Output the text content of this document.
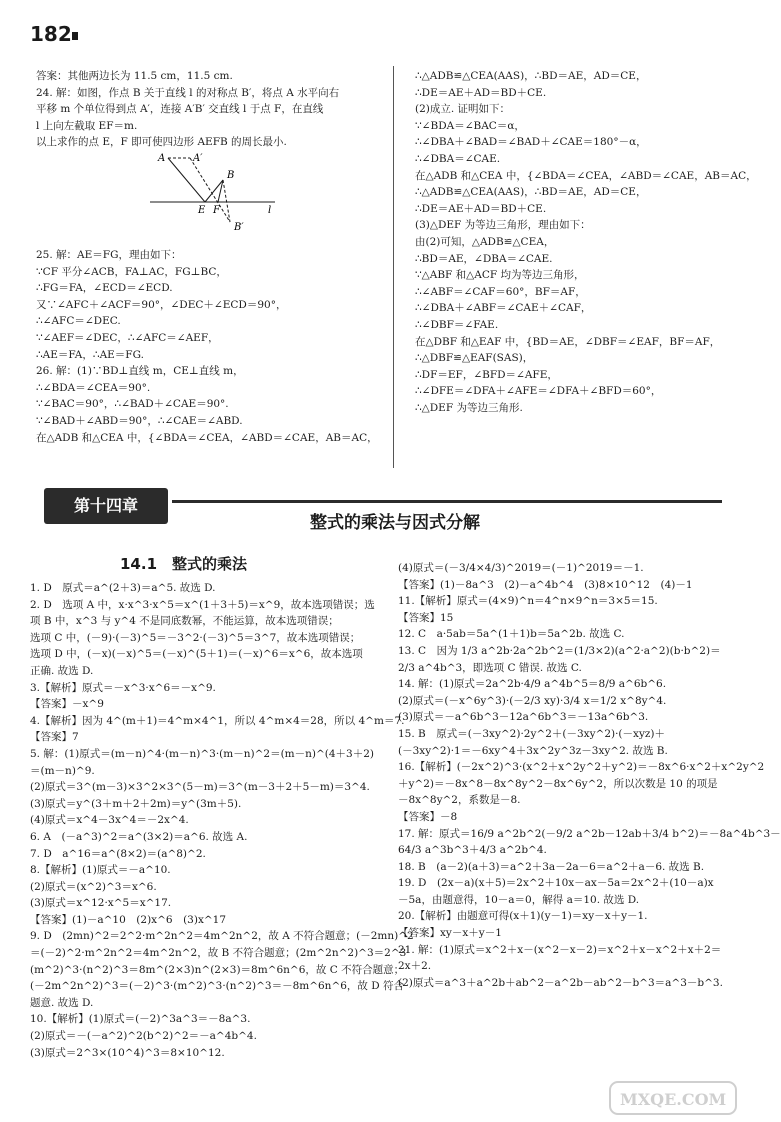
182
答案：其他两边长为 11.5 cm，11.5 cm.
24. 解：如图，作点 B 关于直线 l 的对称点 B′，将点 A 水平向右
平移 m 个单位得到点 A′，连接 A′B′ 交直线 l 于点 F，在直线
l 上向左截取 EF＝m.
以上求作的点 E，F 即可使四边形 AEFB 的周长最小.
25. 解：AE＝FG，理由如下：
∵CF 平分∠ACB，FA⊥AC，FG⊥BC，
∴FG＝FA，∠ECD＝∠ECD.
又∵∠AFC＋∠ACF＝90°，∠DEC＋∠ECD＝90°，
∴∠AFC＝∠DEC.
∵∠AEF＝∠DEC，∴∠AFC＝∠AEF，
∴AE＝FA，∴AE＝FG.
26. 解：(1)∵BD⊥直线 m，CE⊥直线 m，
∴∠BDA＝∠CEA＝90°.
∵∠BAC＝90°，∴∠BAD＋∠CAE＝90°.
∵∠BAD＋∠ABD＝90°，∴∠CAE＝∠ABD.
在△ADB 和△CEA 中，{∠BDA＝∠CEA，∠ABD＝∠CAE，AB＝AC，
A	A′
B
B′
E F	l
∴△ADB≌△CEA(AAS)，∴BD＝AE，AD＝CE，
∴DE＝AE＋AD＝BD＋CE.
(2)成立. 证明如下：
∵∠BDA＝∠BAC＝α，
∴∠DBA＋∠BAD＝∠BAD＋∠CAE＝180°－α，
∴∠DBA＝∠CAE.
在△ADB 和△CEA 中，{∠BDA＝∠CEA，∠ABD＝∠CAE，AB＝AC，
∴△ADB≌△CEA(AAS)，∴BD＝AE，AD＝CE，
∴DE＝AE＋AD＝BD＋CE.
(3)△DEF 为等边三角形，理由如下：
由(2)可知，△ADB≌△CEA，
∴BD＝AE，∠DBA＝∠CAE.
∵△ABF 和△ACF 均为等边三角形，
∴∠ABF＝∠CAF＝60°，BF＝AF，
∴∠DBA＋∠ABF＝∠CAE＋∠CAF，
∴∠DBF＝∠FAE.
在△DBF 和△EAF 中，{BD＝AE，∠DBF＝∠EAF，BF＝AF，
∴△DBF≌△EAF(SAS)，
∴DF＝EF，∠BFD＝∠AFE，
∴∠DFE＝∠DFA＋∠AFE＝∠DFA＋∠BFD＝60°，
∴△DEF 为等边三角形.
第十四章
整式的乘法与因式分解
14.1　整式的乘法
1. D　原式＝a^(2＋3)＝a^5. 故选 D.
2. D　选项 A 中，x·x^3·x^5＝x^(1＋3＋5)＝x^9，故本选项错误；选
项 B 中，x^3 与 y^4 不是同底数幂，不能运算，故本选项错误；
选项 C 中，(－9)·(－3)^5＝－3^2·(－3)^5＝3^7，故本选项错误；
选项 D 中，(－x)(－x)^5＝(－x)^(5＋1)＝(－x)^6＝x^6，故本选项
正确. 故选 D.
3.【解析】原式＝－x^3·x^6＝－x^9.
【答案】－x^9
4.【解析】因为 4^(m＋1)＝4^m×4^1，所以 4^m×4＝28，所以 4^m＝7.
【答案】7
5. 解：(1)原式＝(m－n)^4·(m－n)^3·(m－n)^2＝(m－n)^(4＋3＋2)
＝(m－n)^9.
(2)原式＝3^(m－3)×3^2×3^(5－m)＝3^(m－3＋2＋5－m)＝3^4.
(3)原式＝y^(3＋m＋2＋2m)＝y^(3m＋5).
(4)原式＝x^4－3x^4＝－2x^4.
6. A　(－a^3)^2＝a^(3×2)＝a^6. 故选 A.
7. D　a^16＝a^(8×2)＝(a^8)^2.
8.【解析】(1)原式＝－a^10.
(2)原式＝(x^2)^3＝x^6.
(3)原式＝x^12·x^5＝x^17.
【答案】(1)－a^10　(2)x^6　(3)x^17
9. D　(2mn)^2＝2^2·m^2n^2＝4m^2n^2，故 A 不符合题意；(－2mn)^2
＝(－2)^2·m^2n^2＝4m^2n^2，故 B 不符合题意；(2m^2n^2)^3＝2^3·
(m^2)^3·(n^2)^3＝8m^(2×3)n^(2×3)＝8m^6n^6，故 C 不符合题意；
(－2m^2n^2)^3＝(－2)^3·(m^2)^3·(n^2)^3＝－8m^6n^6，故 D 符合
题意. 故选 D.
10.【解析】(1)原式＝(－2)^3a^3＝－8a^3.
(2)原式＝－(－a^2)^2(b^2)^2＝－a^4b^4.
(3)原式＝2^3×(10^4)^3＝8×10^12.
(4)原式＝(－3/4×4/3)^2019＝(－1)^2019＝－1.
【答案】(1)－8a^3　(2)－a^4b^4　(3)8×10^12　(4)－1
11.【解析】原式＝(4×9)^n＝4^n×9^n＝3×5＝15.
【答案】15
12. C　a·5ab＝5a^(1＋1)b＝5a^2b. 故选 C.
13. C　因为 1/3 a^2b·2a^2b^2＝(1/3×2)(a^2·a^2)(b·b^2)＝
2/3 a^4b^3，即选项 C 错误. 故选 C.
14. 解：(1)原式＝2a^2b·4/9 a^4b^5＝8/9 a^6b^6.
(2)原式＝(－x^6y^3)·(－2/3 xy)·3/4 x＝1/2 x^8y^4.
(3)原式＝－a^6b^3－12a^6b^3＝－13a^6b^3.
15. B　原式＝(－3xy^2)·2y^2＋(－3xy^2)·(－xyz)＋
(－3xy^2)·1＝－6xy^4＋3x^2y^3z－3xy^2. 故选 B.
16.【解析】(－2x^2)^3·(x^2＋x^2y^2＋y^2)＝－8x^6·x^2＋x^2y^2
＋y^2)＝－8x^8－8x^8y^2－8x^6y^2，所以次数是 10 的项是
－8x^8y^2，系数是－8.
【答案】－8
17. 解：原式＝16/9 a^2b^2(－9/2 a^2b－12ab＋3/4 b^2)＝－8a^4b^3－
64/3 a^3b^3＋4/3 a^2b^4.
18. B　(a－2)(a＋3)＝a^2＋3a－2a－6＝a^2＋a－6. 故选 B.
19. D　(2x－a)(x＋5)＝2x^2＋10x－ax－5a＝2x^2＋(10－a)x
－5a，由题意得，10－a＝0，解得 a＝10. 故选 D.
20.【解析】由题意可得(x＋1)(y－1)＝xy－x＋y－1.
【答案】xy－x＋y－1
21. 解：(1)原式＝x^2＋x－(x^2－x－2)＝x^2＋x－x^2＋x＋2＝
2x＋2.
(2)原式＝a^3＋a^2b＋ab^2－a^2b－ab^2－b^3＝a^3－b^3.
MXQE.COM
